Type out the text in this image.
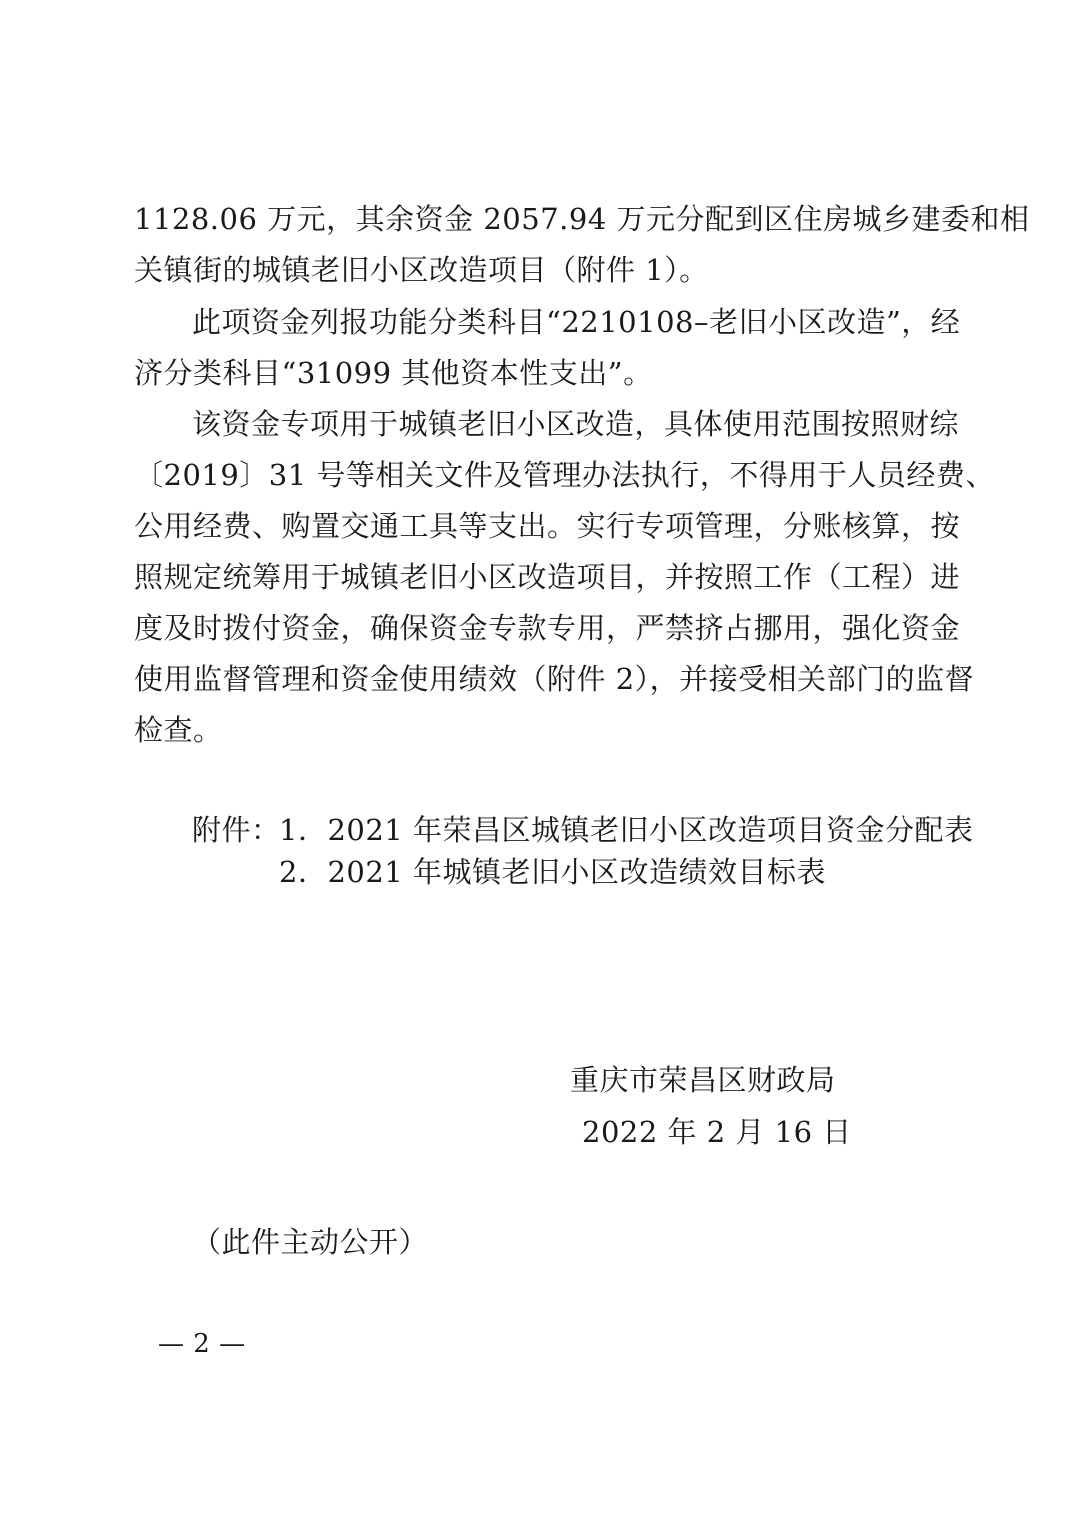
1128.06 万元，其余资金 2057.94 万元分配到区住房城乡建委和相
关镇街的城镇老旧小区改造项目（附件 1）。
此项资金列报功能分类科目“2210108–老旧小区改造”，经
济分类科目“31099 其他资本性支出”。
该资金专项用于城镇老旧小区改造，具体使用范围按照财综
〔2019〕31 号等相关文件及管理办法执行，不得用于人员经费、
公用经费、购置交通工具等支出。实行专项管理，分账核算，按
照规定统筹用于城镇老旧小区改造项目，并按照工作（工程）进
度及时拨付资金，确保资金专款专用，严禁挤占挪用，强化资金
使用监督管理和资金使用绩效（附件 2），并接受相关部门的监督
检查。
附件：
1．2021 年荣昌区城镇老旧小区改造项目资金分配表
2．2021 年城镇老旧小区改造绩效目标表
重庆市荣昌区财政局
2022 年 2 月 16 日
（此件主动公开）
— 2 —
